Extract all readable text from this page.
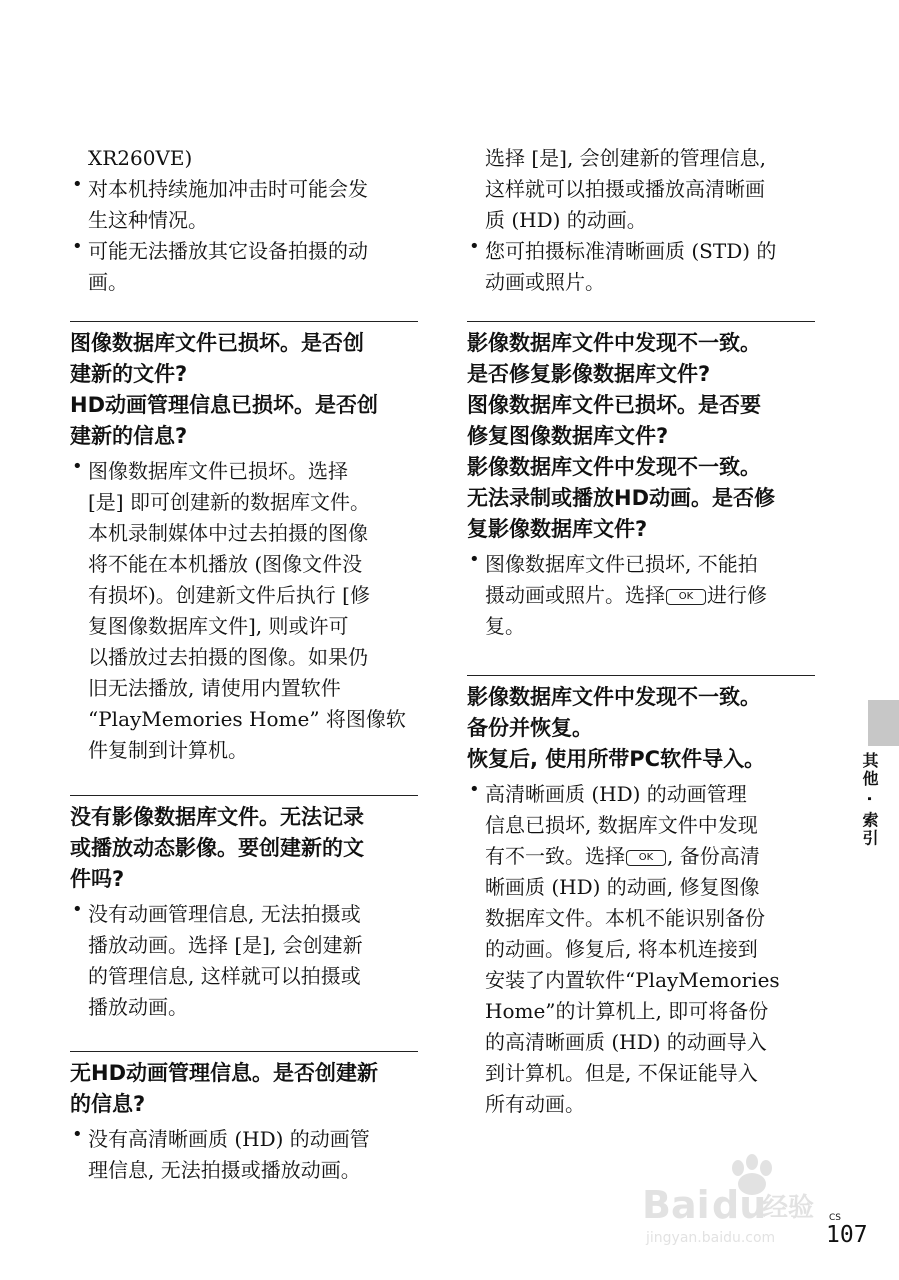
XR260VE)
• 对本机持续施加冲击时可能会发
生这种情况。
• 可能无法播放其它设备拍摄的动
画。
图像数据库文件已损坏。是否创
建新的文件?
HD动画管理信息已损坏。是否创
建新的信息?
• 图像数据库文件已损坏。选择
[是] 即可创建新的数据库文件。
本机录制媒体中过去拍摄的图像
将不能在本机播放 (图像文件没
有损坏)。创建新文件后执行 [修
复图像数据库文件], 则或许可
以播放过去拍摄的图像。如果仍
旧无法播放, 请使用内置软件
“PlayMemories Home” 将图像软
件复制到计算机。
没有影像数据库文件。无法记录
或播放动态影像。要创建新的文
件吗?
• 没有动画管理信息, 无法拍摄或
播放动画。选择 [是], 会创建新
的管理信息, 这样就可以拍摄或
播放动画。
无HD动画管理信息。是否创建新
的信息?
• 没有高清晰画质 (HD) 的动画管
理信息, 无法拍摄或播放动画。
选择 [是], 会创建新的管理信息,
这样就可以拍摄或播放高清晰画
质 (HD) 的动画。
• 您可拍摄标准清晰画质 (STD) 的
动画或照片。
影像数据库文件中发现不一致。
是否修复影像数据库文件?
图像数据库文件已损坏。是否要
修复图像数据库文件?
影像数据库文件中发现不一致。
无法录制或播放HD动画。是否修
复影像数据库文件?
• 图像数据库文件已损坏, 不能拍
摄动画或照片。选择 OK 进行修
复。
影像数据库文件中发现不一致。
备份并恢复。
恢复后, 使用所带PC软件导入。
• 高清晰画质 (HD) 的动画管理
信息已损坏, 数据库文件中发现
有不一致。选择 OK , 备份高清
晰画质 (HD) 的动画, 修复图像
数据库文件。本机不能识别备份
的动画。修复后, 将本机连接到
安装了内置软件“PlayMemories
Home”的计算机上, 即可将备份
的高清晰画质 (HD) 的动画导入
到计算机。但是, 不保证能导入
所有动画。
其他 · 索引
Bai du
经验
jingyan.baidu.com
CS
107
